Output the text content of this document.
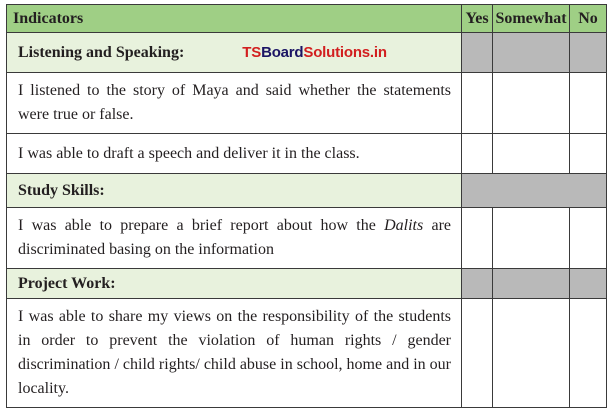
Indicators	Yes	Somewhat	No
Listening and Speaking: TSBoardSolutions.in			
I listened to the story of Maya and said whether the statements were true or false.			
I was able to draft a speech and deliver it in the class.			
Study Skills:			
I was able to prepare a brief report about how the Dalits are discriminated basing on the information			
Project Work:			
I was able to share my views on the responsibility of the students in order to prevent the violation of human rights / gender discrimination / child rights/ child abuse in school, home and in our locality.			
